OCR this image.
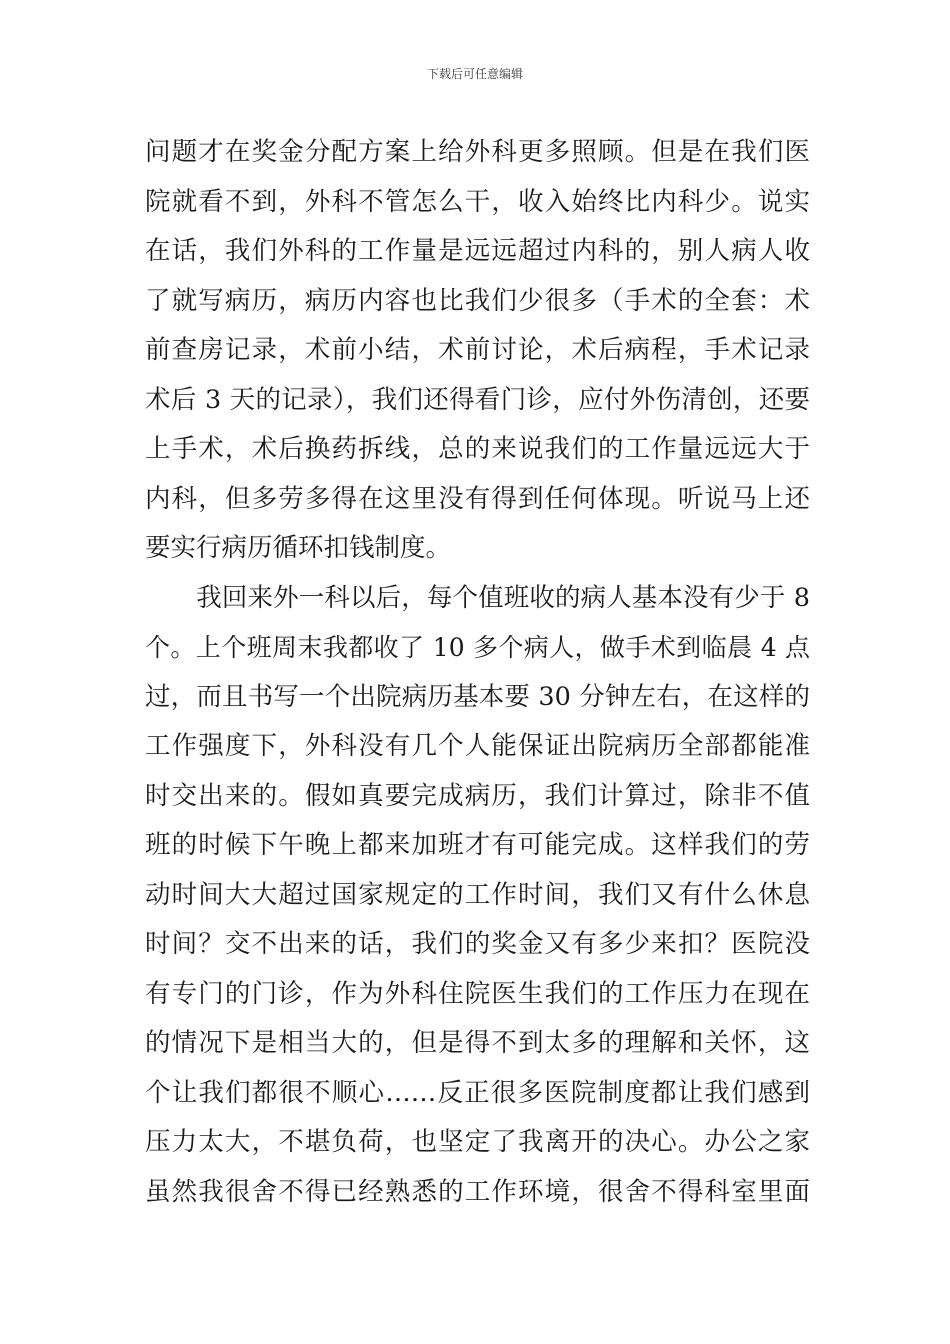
下载后可任意编辑
问题才在奖金分配方案上给外科更多照顾。但是在我们医
院就看不到，外科不管怎么干，收入始终比内科少。说实
在话，我们外科的工作量是远远超过内科的，别人病人收
了就写病历，病历内容也比我们少很多（手术的全套：术
前查房记录，术前小结，术前讨论，术后病程，手术记录
术后 3 天的记录），我们还得看门诊，应付外伤清创，还要
上手术，术后换药拆线，总的来说我们的工作量远远大于
内科，但多劳多得在这里没有得到任何体现。听说马上还
要实行病历循环扣钱制度。
　　我回来外一科以后，每个值班收的病人基本没有少于 8
个。上个班周末我都收了 10 多个病人，做手术到临晨 4 点
过，而且书写一个出院病历基本要 30 分钟左右，在这样的
工作强度下，外科没有几个人能保证出院病历全部都能准
时交出来的。假如真要完成病历，我们计算过，除非不值
班的时候下午晚上都来加班才有可能完成。这样我们的劳
动时间大大超过国家规定的工作时间，我们又有什么休息
时间？交不出来的话，我们的奖金又有多少来扣？医院没
有专门的门诊，作为外科住院医生我们的工作压力在现在
的情况下是相当大的，但是得不到太多的理解和关怀，这
个让我们都很不顺心……反正很多医院制度都让我们感到
压力太大，不堪负荷，也坚定了我离开的决心。办公之家
虽然我很舍不得已经熟悉的工作环境，很舍不得科室里面
